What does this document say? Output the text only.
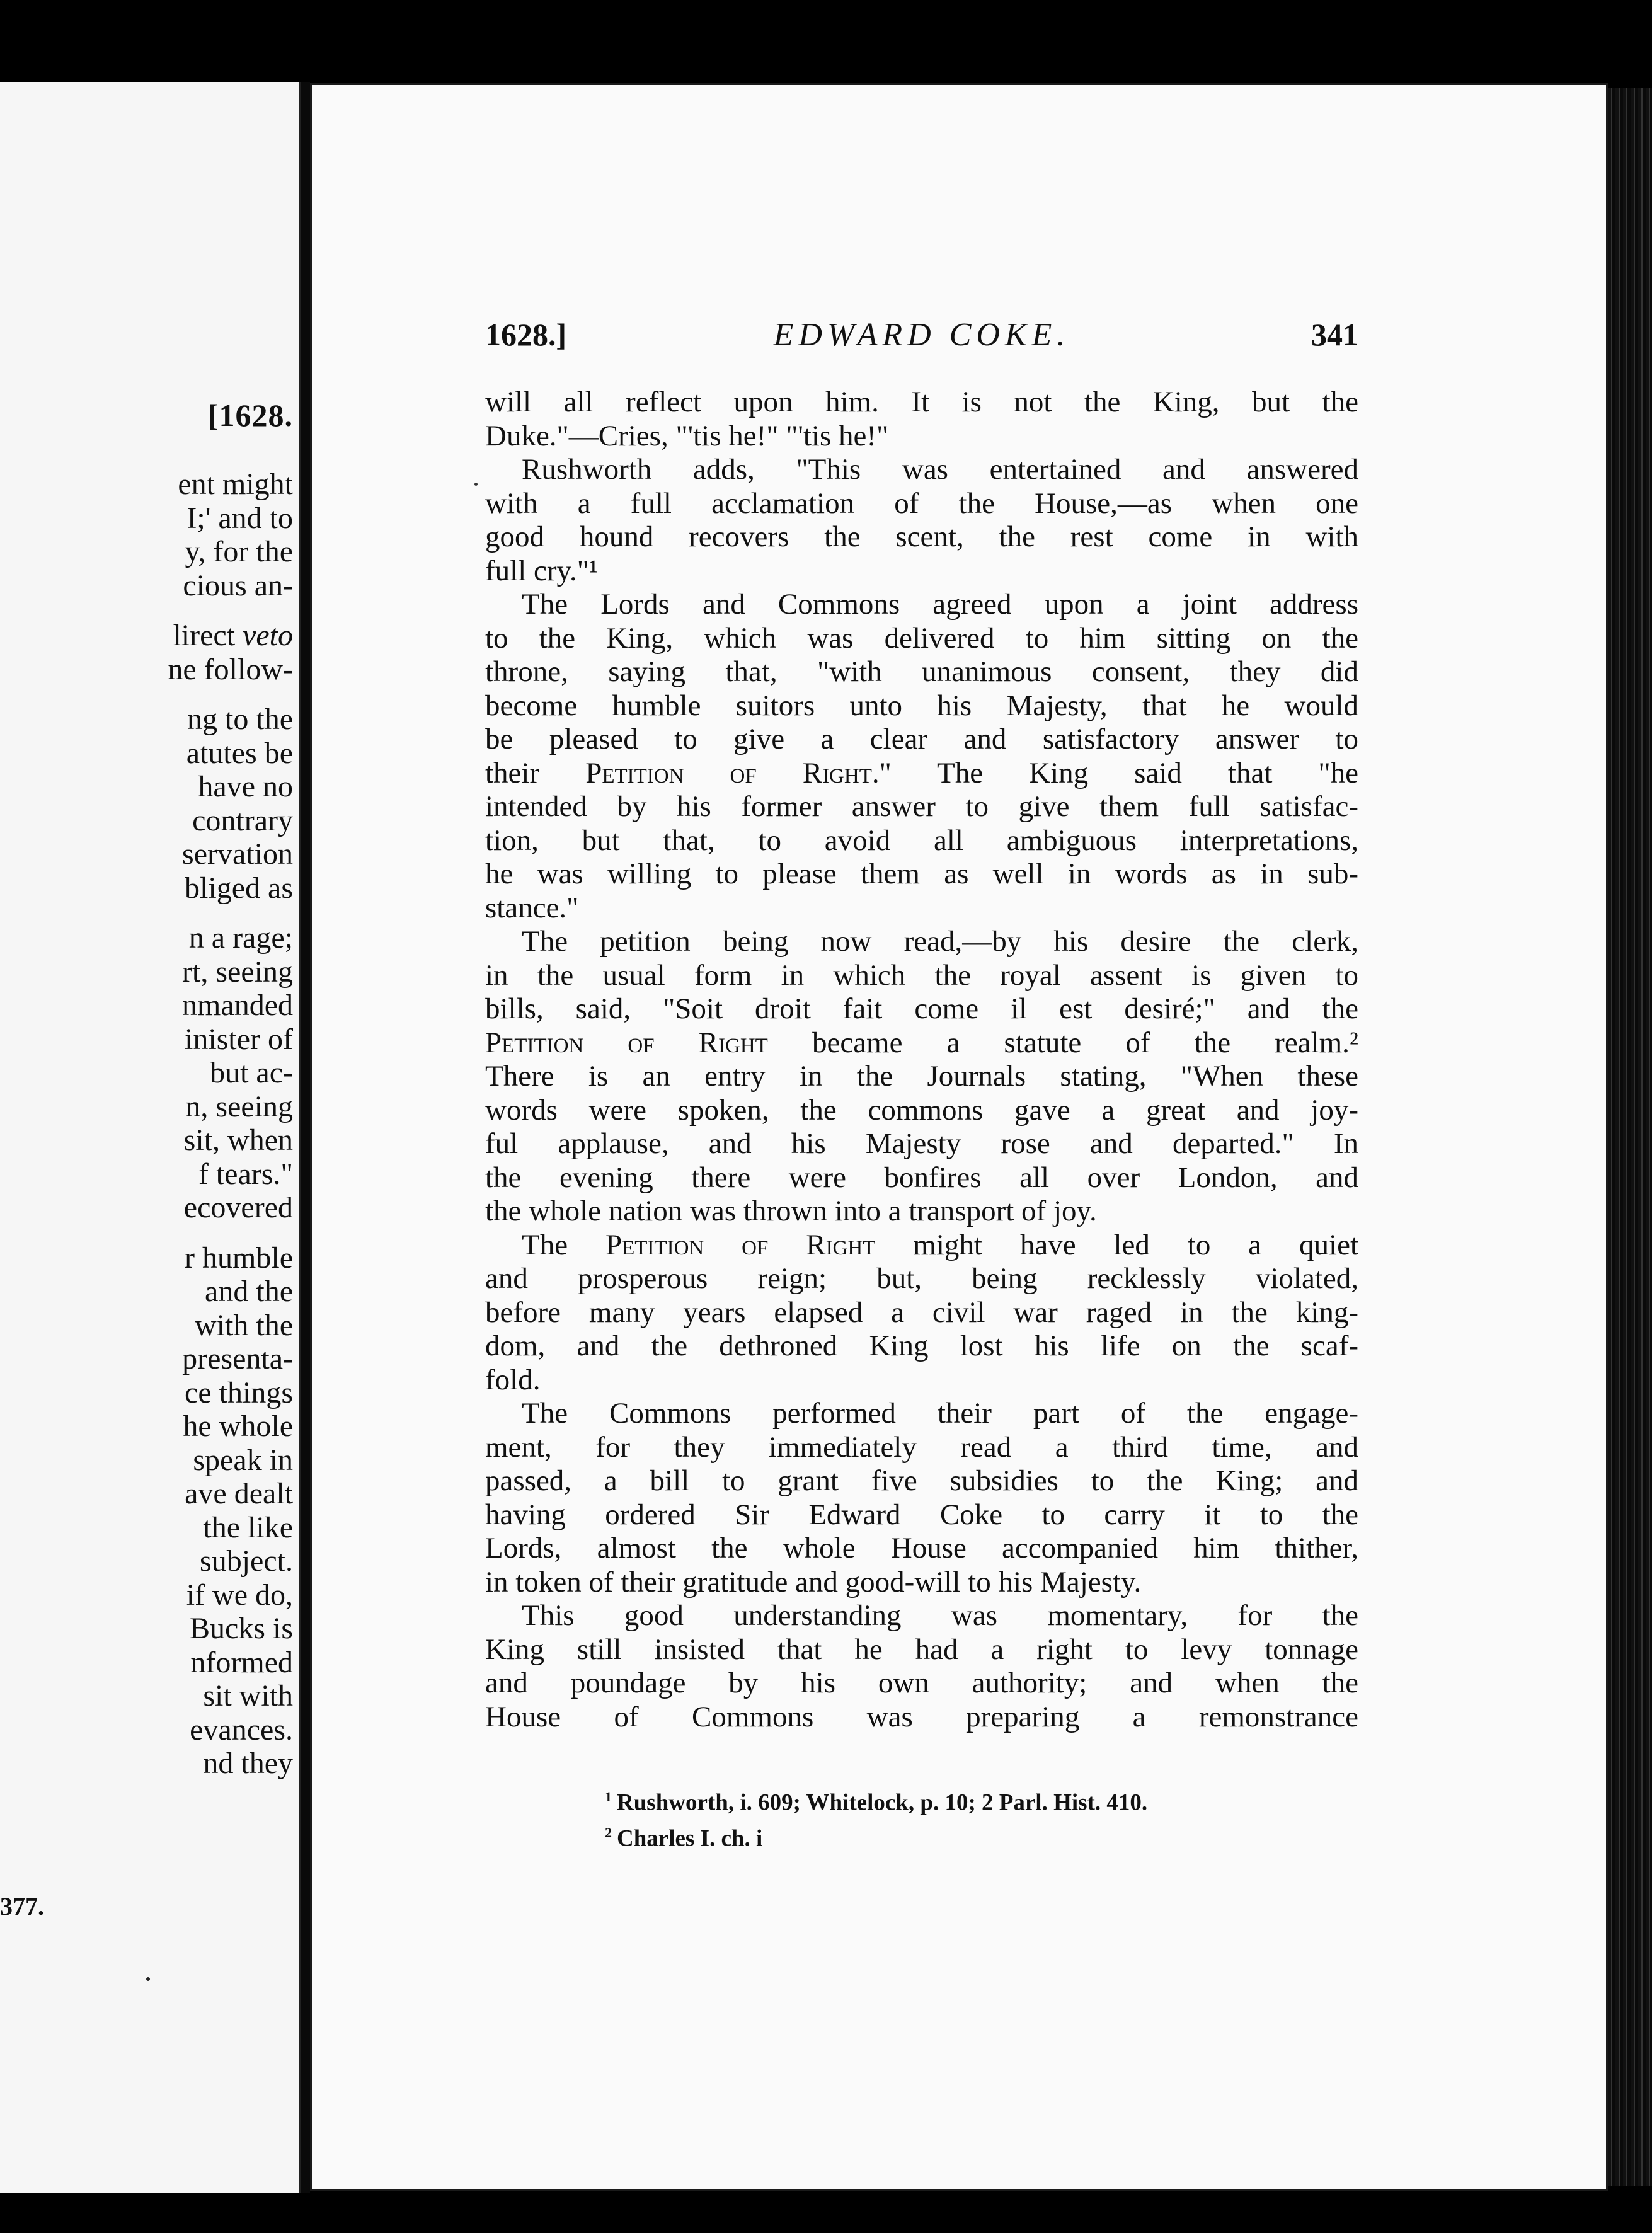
[1628.
ent might
I;' and to
y, for the
cious an-
lirect veto
ne follow-
ng to the
atutes be
have no
contrary
servation
bliged as
n a rage;
rt, seeing
nmanded
inister of
but ac-
n, seeing
sit, when
f tears."
ecovered
r humble
and the
with the
presenta-
ce things
he whole
speak in
ave dealt
the like
subject.
if we do,
Bucks is
nformed
sit with
evances.
nd they
377.
1628.]	EDWARD COKE.	341
will all reflect upon him. It is not the King, but the
Duke."—Cries, "'tis he!" "'tis he!"
Rushworth adds, "This was entertained and answered
with a full acclamation of the House,—as when one
good hound recovers the scent, the rest come in with
full cry."¹
The Lords and Commons agreed upon a joint address
to the King, which was delivered to him sitting on the
throne, saying that, "with unanimous consent, they did
become humble suitors unto his Majesty, that he would
be pleased to give a clear and satisfactory answer to
their Petition of Right." The King said that "he
intended by his former answer to give them full satisfac-
tion, but that, to avoid all ambiguous interpretations,
he was willing to please them as well in words as in sub-
stance."
The petition being now read,—by his desire the clerk,
in the usual form in which the royal assent is given to
bills, said, "Soit droit fait come il est desiré;" and the
Petition of Right became a statute of the realm.²
There is an entry in the Journals stating, "When these
words were spoken, the commons gave a great and joy-
ful applause, and his Majesty rose and departed." In
the evening there were bonfires all over London, and
the whole nation was thrown into a transport of joy.
The Petition of Right might have led to a quiet
and prosperous reign; but, being recklessly violated,
before many years elapsed a civil war raged in the king-
dom, and the dethroned King lost his life on the scaf-
fold.
The Commons performed their part of the engage-
ment, for they immediately read a third time, and
passed, a bill to grant five subsidies to the King; and
having ordered Sir Edward Coke to carry it to the
Lords, almost the whole House accompanied him thither,
in token of their gratitude and good-will to his Majesty.
This good understanding was momentary, for the
King still insisted that he had a right to levy tonnage
and poundage by his own authority; and when the
House of Commons was preparing a remonstrance
$^1$ Rushworth, i. 609; Whitelock, p. 10; 2 Parl. Hist. 410.
$^2$ Charles I. ch. i
